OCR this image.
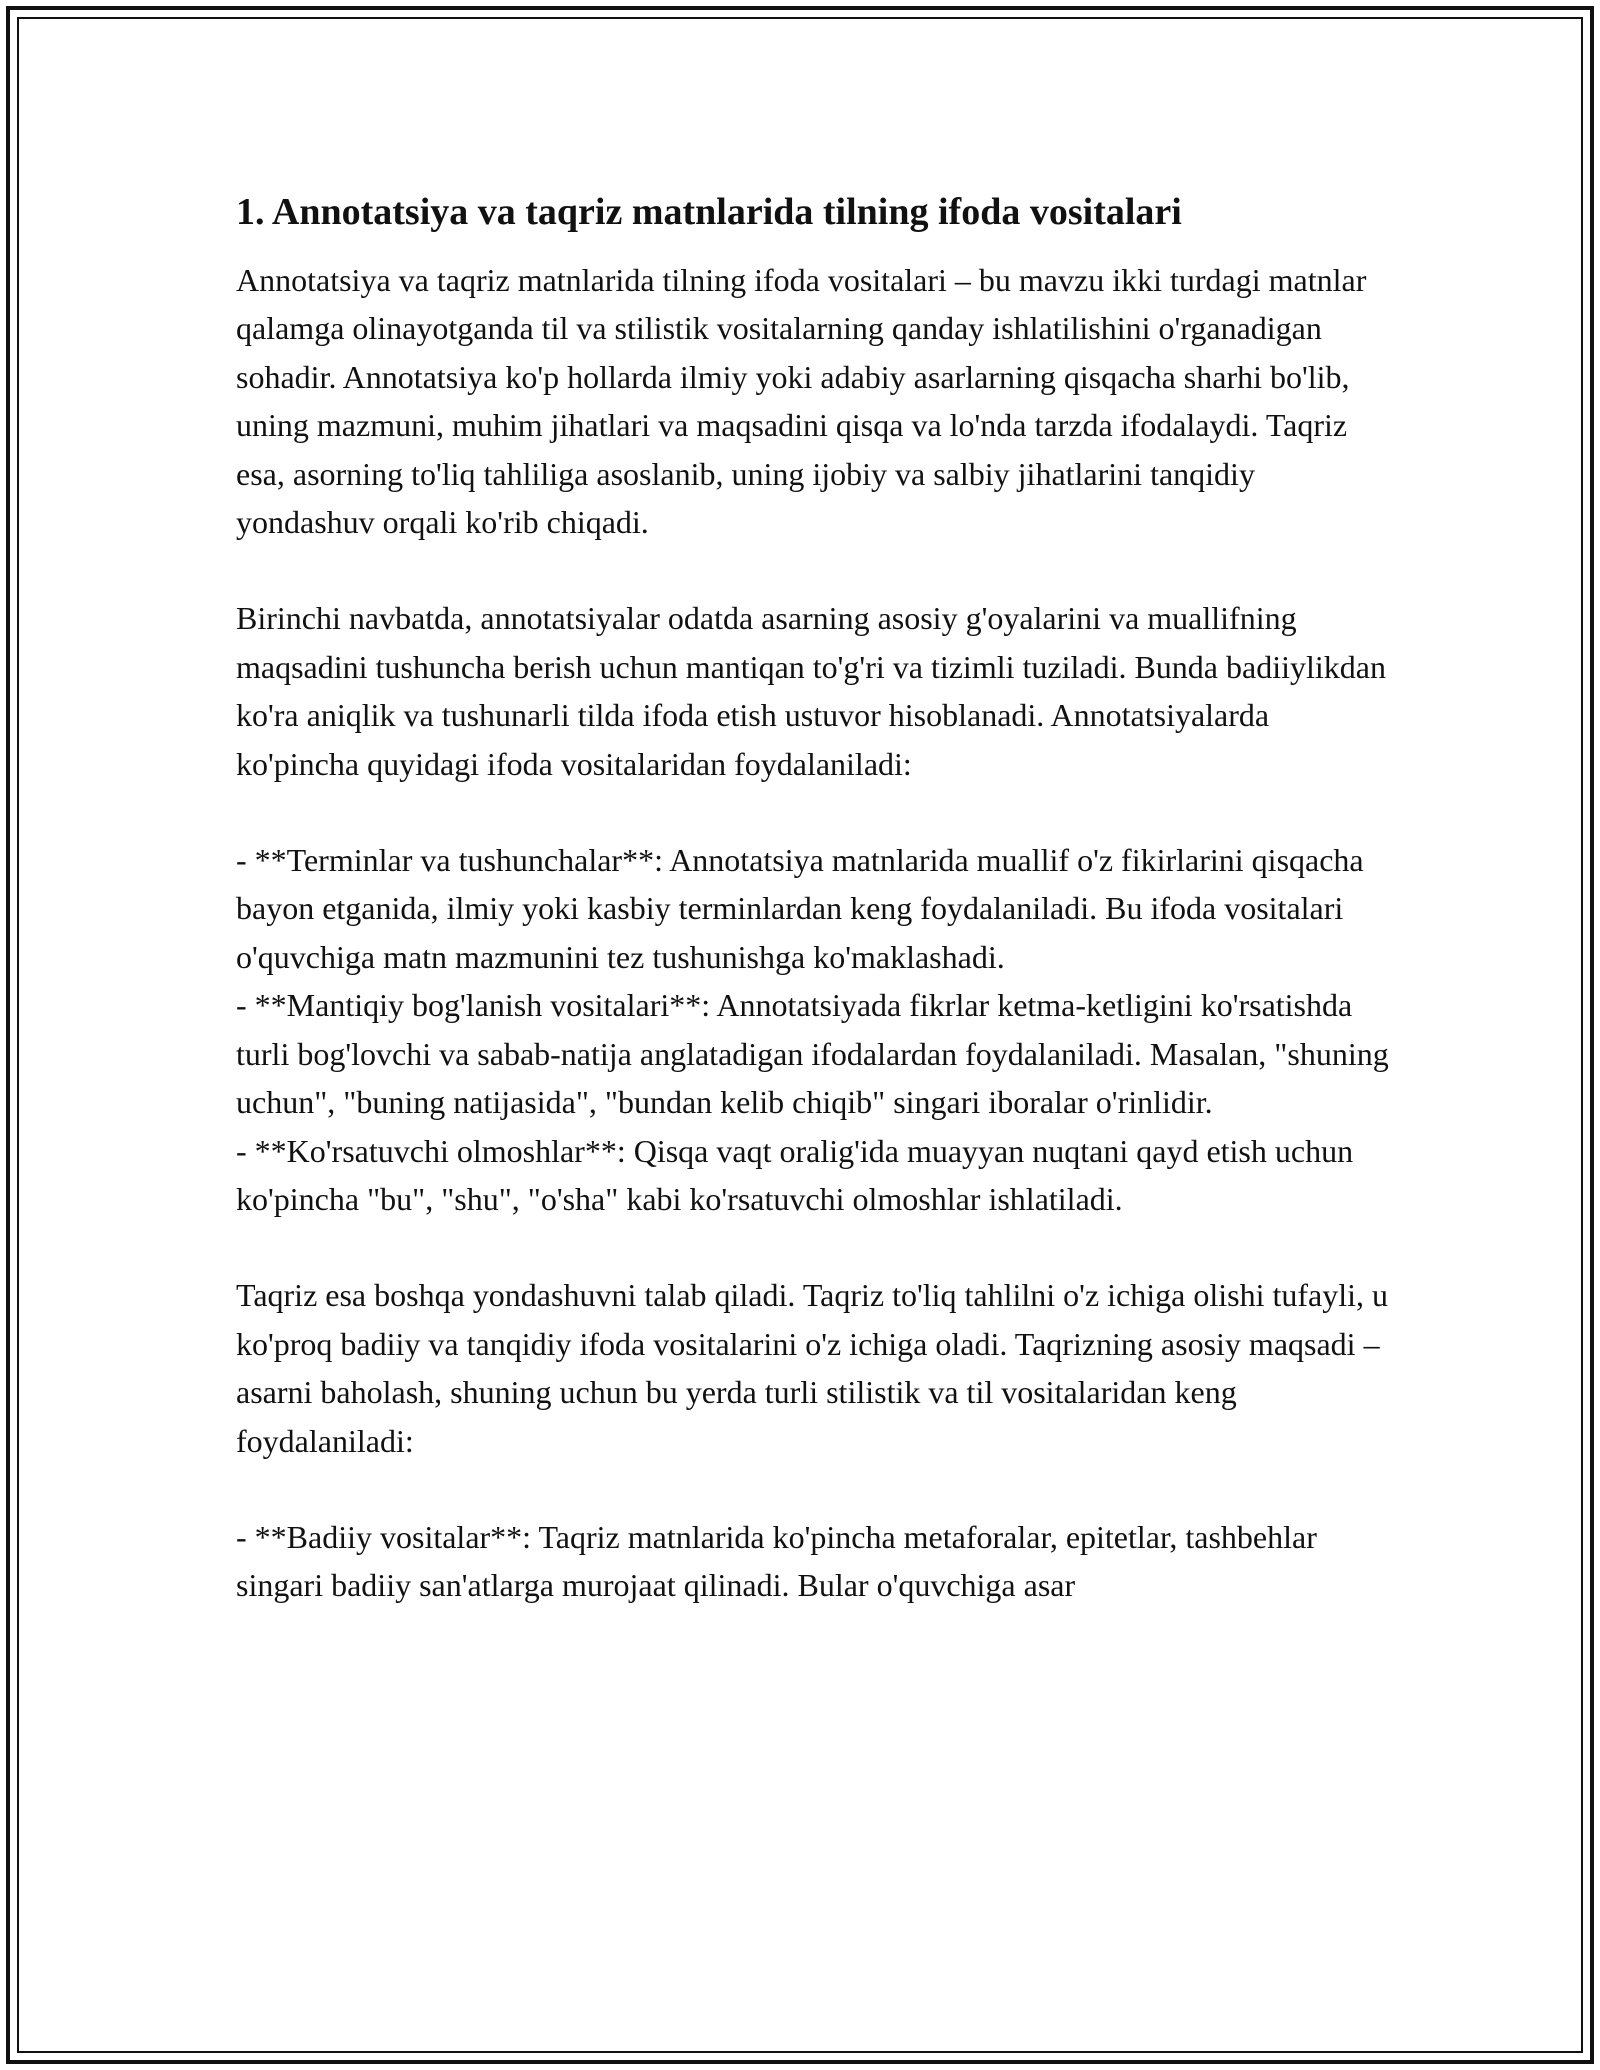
1. Annotatsiya va taqriz matnlarida tilning ifoda vositalari

Annotatsiya va taqriz matnlarida tilning ifoda vositalari – bu mavzu ikki turdagi matnlar qalamga olinayotganda til va stilistik vositalarning qanday ishlatilishini o'rganadigan sohadir. Annotatsiya ko'p hollarda ilmiy yoki adabiy asarlarning qisqacha sharhi bo'lib, uning mazmuni, muhim jihatlari va maqsadini qisqa va lo'nda tarzda ifodalaydi. Taqriz esa, asorning to'liq tahliliga asoslanib, uning ijobiy va salbiy jihatlarini tanqidiy yondashuv orqali ko'rib chiqadi.

Birinchi navbatda, annotatsiyalar odatda asarning asosiy g'oyalarini va muallifning maqsadini tushuncha berish uchun mantiqan to'g'ri va tizimli tuziladi. Bunda badiiylikdan ko'ra aniqlik va tushunarli tilda ifoda etish ustuvor hisoblanadi. Annotatsiyalarda ko'pincha quyidagi ifoda vositalaridan foydalaniladi:

- **Terminlar va tushunchalar**: Annotatsiya matnlarida muallif o'z fikirlarini qisqacha bayon etganida, ilmiy yoki kasbiy terminlardan keng foydalaniladi. Bu ifoda vositalari o'quvchiga matn mazmunini tez tushunishga ko'maklashadi.

- **Mantiqiy bog'lanish vositalari**: Annotatsiyada fikrlar ketma-ketligini ko'rsatishda turli bog'lovchi va sabab-natija anglatadigan ifodalardan foydalaniladi. Masalan, "shuning uchun", "buning natijasida", "bundan kelib chiqib" singari iboralar o'rinlidir.

- **Ko'rsatuvchi olmoshlar**: Qisqa vaqt oralig'ida muayyan nuqtani qayd etish uchun ko'pincha "bu", "shu", "o'sha" kabi ko'rsatuvchi olmoshlar ishlatiladi.

Taqriz esa boshqa yondashuvni talab qiladi. Taqriz to'liq tahlilni o'z ichiga olishi tufayli, u ko'proq badiiy va tanqidiy ifoda vositalarini o'z ichiga oladi. Taqrizning asosiy maqsadi – asarni baholash, shuning uchun bu yerda turli stilistik va til vositalaridan keng foydalaniladi:

- **Badiiy vositalar**: Taqriz matnlarida ko'pincha metaforalar, epitetlar, tashbehlar singari badiiy san'atlarga murojaat qilinadi. Bular o'quvchiga asar
